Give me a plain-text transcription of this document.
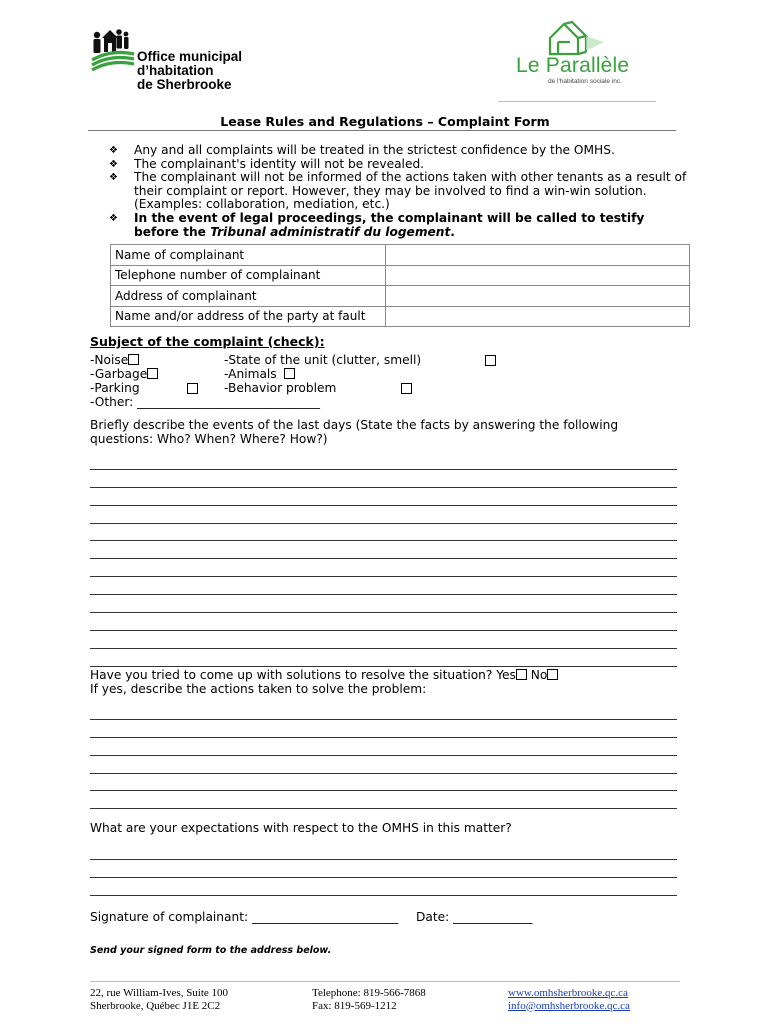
Office municipal
d’habitation
de Sherbrooke
Le Parallèle
de l'habitation sociale inc.
Lease Rules and Regulations – Complaint Form
❖ Any and all complaints will be treated in the strictest confidence by the OMHS.
❖ The complainant's identity will not be revealed.
❖ The complainant will not be informed of the actions taken with other tenants as a result of their complaint or report. However, they may be involved to find a win-win solution. (Examples: collaboration, mediation, etc.)
❖ In the event of legal proceedings, the complainant will be called to testify before the Tribunal administratif du logement.
Name of complainant	
Telephone number of complainant	
Address of complainant	
Name and/or address of the party at fault	
Subject of the complaint (check):
-Noise
-Garbage
-Parking
-Other: ______________________________
-State of the unit (clutter, smell)
-Animals
-Behavior problem
Briefly describe the events of the last days (State the facts by answering the following questions: Who? When? Where? How?)
Have you tried to come up with solutions to resolve the situation? Yes No
If yes, describe the actions taken to solve the problem:
What are your expectations with respect to the OMHS in this matter?
Signature of complainant: ________________________ Date: _____________
Send your signed form to the address below.
22, rue William-Ives, Suite 100
Sherbrooke, Québec J1E 2C2
Telephone: 819-566-7868
Fax: 819-569-1212
www.omhsherbrooke.qc.ca
info@omhsherbrooke.qc.ca
